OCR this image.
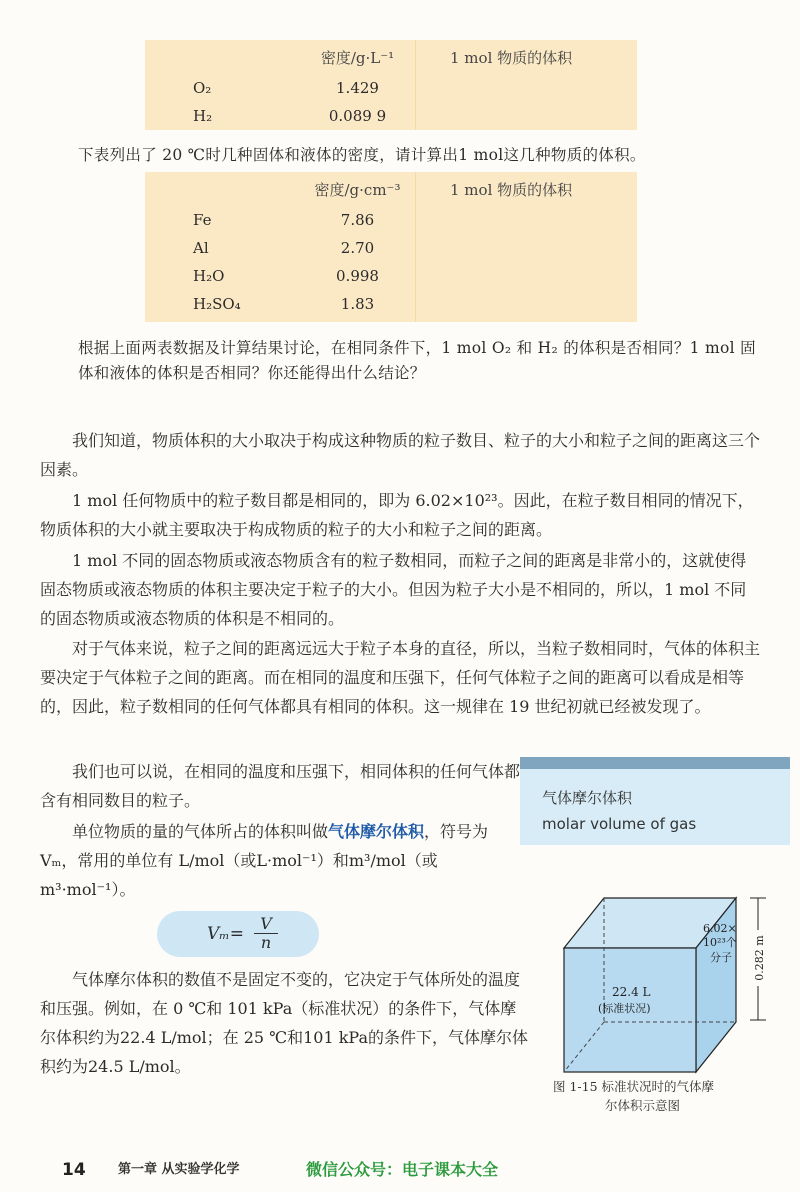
密度/g·L⁻¹	1 mol 物质的体积
O₂	1.429
H₂	0.089 9

下表列出了 20 ℃时几种固体和液体的密度，请计算出1 mol这几种物质的体积。

密度/g·cm⁻³	1 mol 物质的体积
Fe	7.86
Al	2.70
H₂O	0.998
H₂SO₄	1.83

根据上面两表数据及计算结果讨论，在相同条件下，1 mol O₂ 和 H₂ 的体积是否相同？1 mol 固体和液体的体积是否相同？你还能得出什么结论？

我们知道，物质体积的大小取决于构成这种物质的粒子数目、粒子的大小和粒子之间的距离这三个因素。

1 mol 任何物质中的粒子数目都是相同的，即为 6.02×10²³。因此，在粒子数目相同的情况下，物质体积的大小就主要取决于构成物质的粒子的大小和粒子之间的距离。

1 mol 不同的固态物质或液态物质含有的粒子数相同，而粒子之间的距离是非常小的，这就使得固态物质或液态物质的体积主要决定于粒子的大小。但因为粒子大小是不相同的，所以，1 mol 不同的固态物质或液态物质的体积是不相同的。

对于气体来说，粒子之间的距离远远大于粒子本身的直径，所以，当粒子数相同时，气体的体积主要决定于气体粒子之间的距离。而在相同的温度和压强下，任何气体粒子之间的距离可以看成是相等的，因此，粒子数相同的任何气体都具有相同的体积。这一规律在 19 世纪初就已经被发现了。

我们也可以说，在相同的温度和压强下，相同体积的任何气体都含有相同数目的粒子。

单位物质的量的气体所占的体积叫做气体摩尔体积，符号为 Vₘ，常用的单位有 L/mol（或L·mol⁻¹）和m³/mol（或m³·mol⁻¹）。

气体摩尔体积
molar volume of gas
$V_m= \frac{V}{n}$

气体摩尔体积的数值不是固定不变的，它决定于气体所处的温度和压强。例如，在 0 ℃和 101 kPa（标准状况）的条件下，气体摩尔体积约为22.4 L/mol；在 25 ℃和101 kPa的条件下，气体摩尔体积约为24.5 L/mol。

22.4 L
(标准状况)
6.02×
10²³个
分子 0.282 m
图 1-15 标准状况时的气体摩
尔体积示意图
14 第一章 从实验学化学	微信公众号：电子课本大全
